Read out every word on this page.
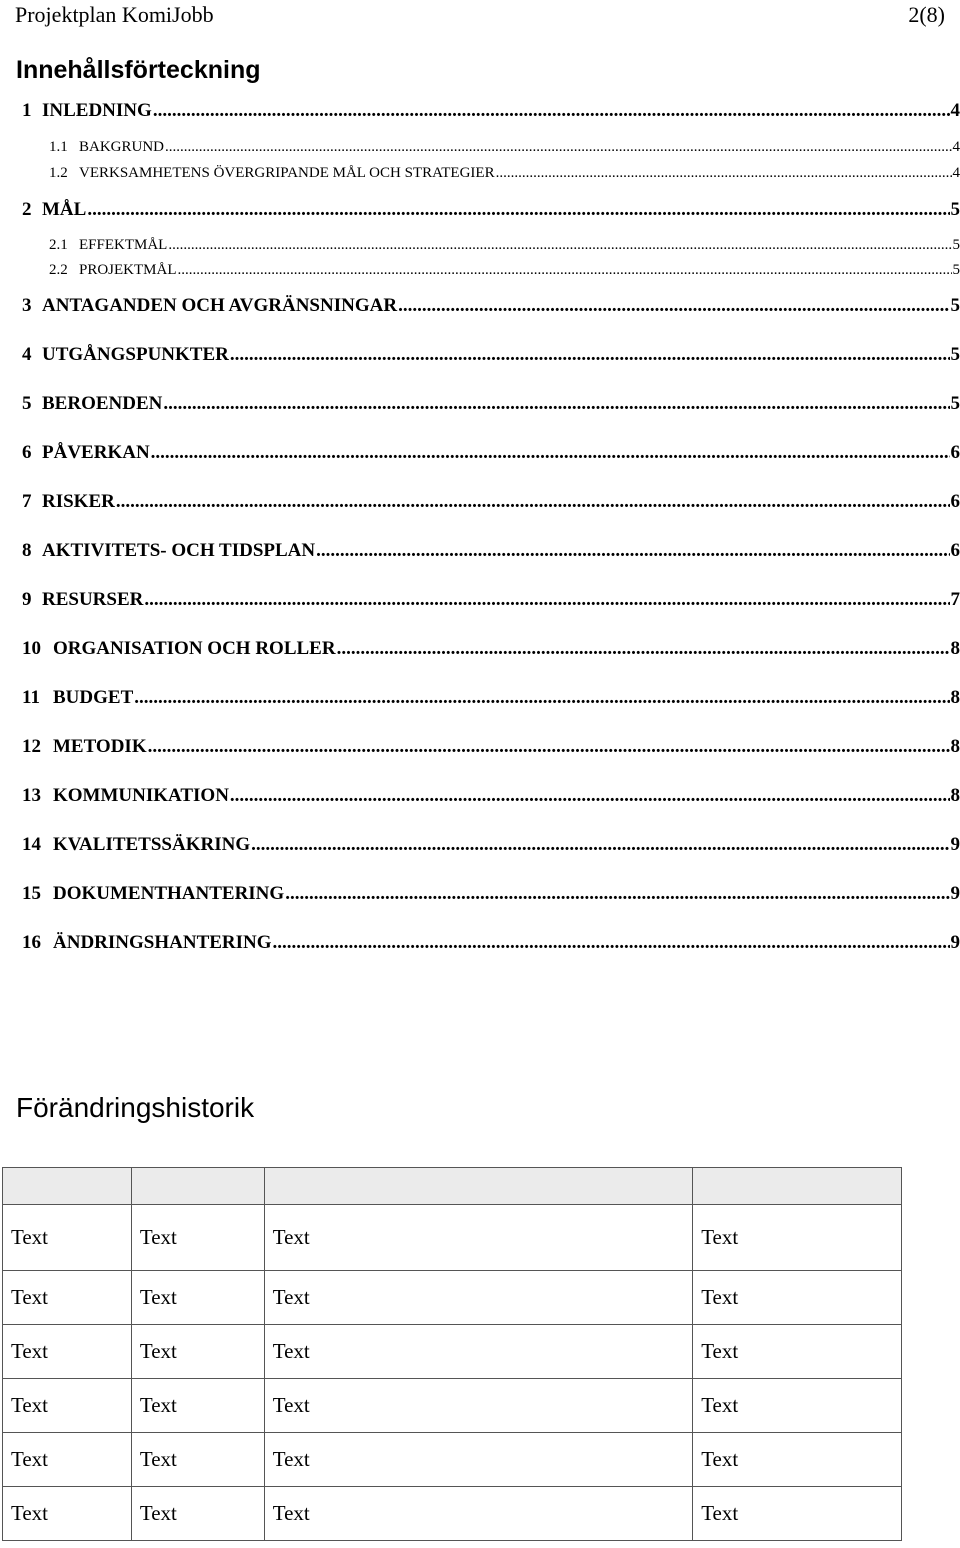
Projektplan KomiJobb	2(8)
Innehållsförteckning
1 INLEDNING .....	4
1.1 BAKGRUND .....	4
1.2 VERKSAMHETENS ÖVERGRIPANDE MÅL OCH STRATEGIER .....	4
2 MÅL .....	5
2.1 EFFEKTMÅL .....	5
2.2 PROJEKTMÅL .....	5
3 ANTAGANDEN OCH AVGRÄNSNINGAR .....	5
4 UTGÅNGSPUNKTER .....	5
5 BEROENDEN .....	5
6 PÅVERKAN .....	6
7 RISKER .....	6
8 AKTIVITETS- OCH TIDSPLAN .....	6
9 RESURSER .....	7
10 ORGANISATION OCH ROLLER .....	8
11 BUDGET .....	8
12 METODIK .....	8
13 KOMMUNIKATION .....	8
14 KVALITETSSÄKRING .....	9
15 DOKUMENTHANTERING .....	9
16 ÄNDRINGSHANTERING .....	9
Förändringshistorik

Text	Text	Text	Text
Text	Text	Text	Text
Text	Text	Text	Text
Text	Text	Text	Text
Text	Text	Text	Text
Text	Text	Text	Text
